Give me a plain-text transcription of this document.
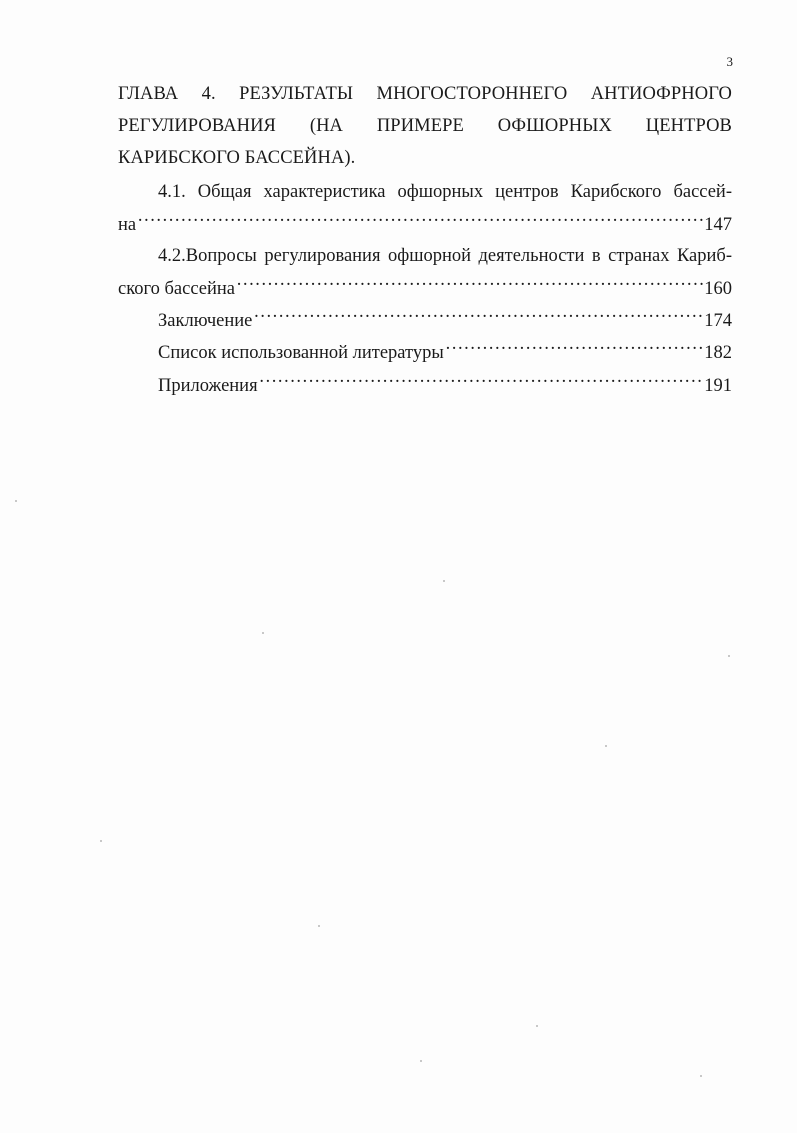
3
ГЛАВА 4. РЕЗУЛЬТАТЫ МНОГОСТОРОННЕГО АНТИОФРНОГО РЕГУЛИРОВАНИЯ (НА ПРИМЕРЕ ОФШОРНЫХ ЦЕНТРОВ КАРИБСКОГО БАССЕЙНА).
4.1. Общая характеристика офшорных центров Карибского бассей-
на ……………………………………………………………………………………………………………………………………………………………………………………	147
4.2.Вопросы регулирования офшорной деятельности в странах Кариб-
ского бассейна ……………………………………………………………………………………………………………………………………………………………………………………	160
Заключение ……………………………………………………………………………………………………………………………………………………………………………………	174
Список использованной литературы ……………………………………………………………………………………………………………………………………………………………………………………	182
Приложения ……………………………………………………………………………………………………………………………………………………………………………………	191
